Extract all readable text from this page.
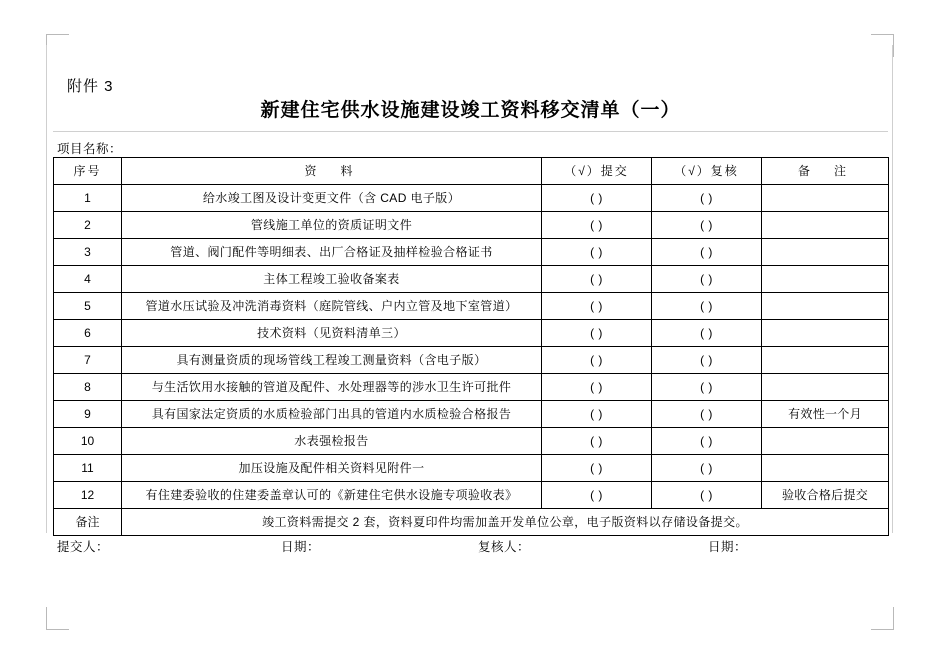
附件 3
新建住宅供水设施建设竣工资料移交清单（一）
项目名称：
序号	资　料	（√）提交	（√）复核	备　注
1	给水竣工图及设计变更文件（含 CAD 电子版）	( )	( )	
2	管线施工单位的资质证明文件	( )	( )	
3	管道、阀门配件等明细表、出厂合格证及抽样检验合格证书	( )	( )	
4	主体工程竣工验收备案表	( )	( )	
5	管道水压试验及冲洗消毒资料（庭院管线、户内立管及地下室管道）	( )	( )	
6	技术资料（见资料清单三）	( )	( )	
7	具有测量资质的现场管线工程竣工测量资料（含电子版）	( )	( )	
8	与生活饮用水接触的管道及配件、水处理器等的涉水卫生许可批件	( )	( )	
9	具有国家法定资质的水质检验部门出具的管道内水质检验合格报告	( )	( )	有效性一个月
10	水表强检报告	( )	( )	
11	加压设施及配件相关资料见附件一	( )	( )	
12	有住建委验收的住建委盖章认可的《新建住宅供水设施专项验收表》	( )	( )	验收合格后提交
备注	竣工资料需提交 2 套，资料夏印件均需加盖开发单位公章，电子版资料以存储设备提交。			
提交人：	日期：	复核人：	日期：
